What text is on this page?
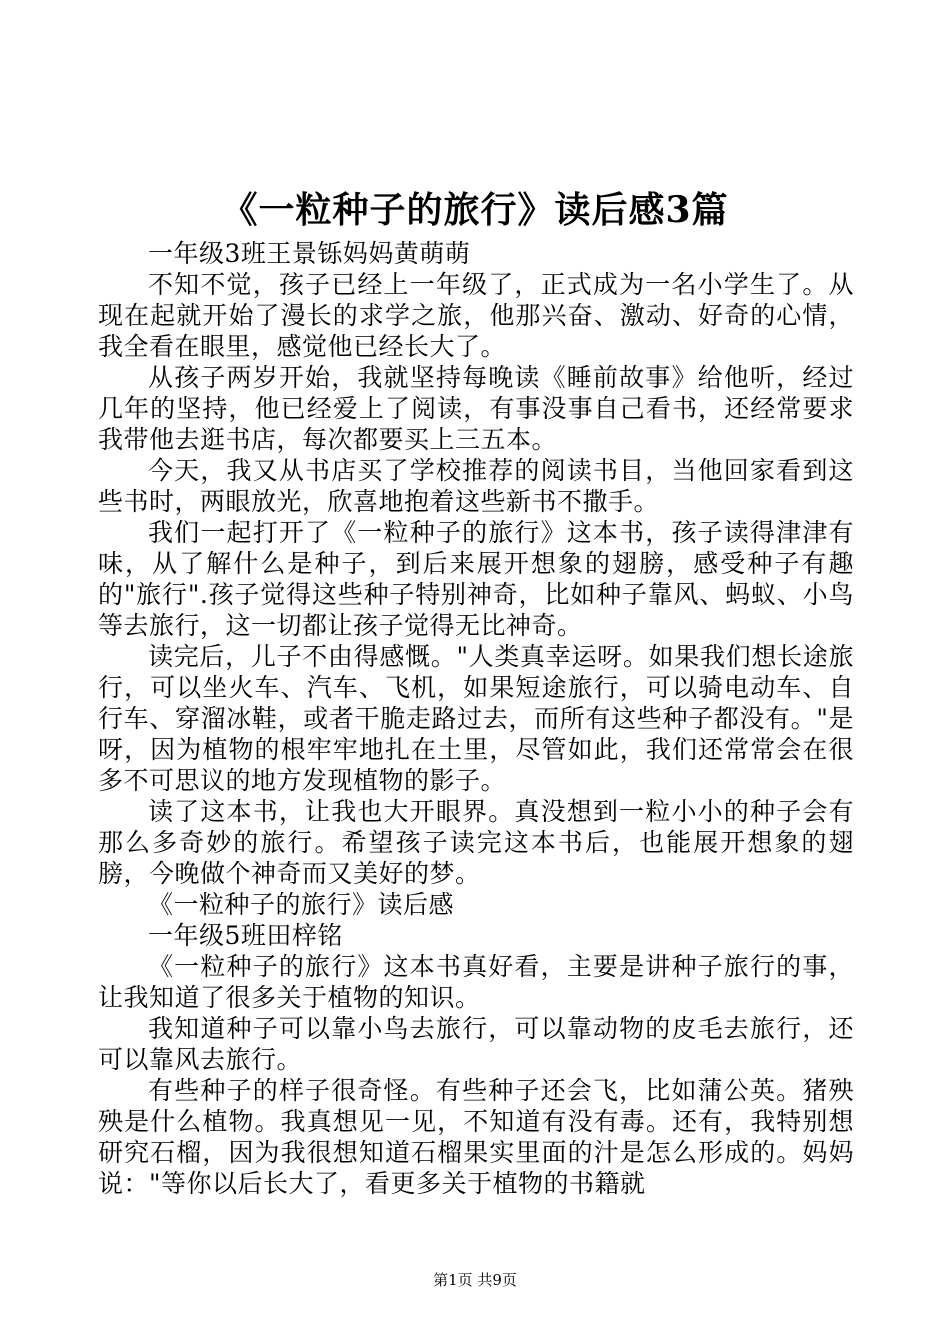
《一粒种子的旅行》读后感3篇

一年级3班王景铄妈妈黄萌萌

不知不觉，孩子已经上一年级了，正式成为一名小学生了。从现在起就开始了漫长的求学之旅，他那兴奋、激动、好奇的心情，我全看在眼里，感觉他已经长大了。

从孩子两岁开始，我就坚持每晚读《睡前故事》给他听，经过几年的坚持，他已经爱上了阅读，有事没事自己看书，还经常要求我带他去逛书店，每次都要买上三五本。

今天，我又从书店买了学校推荐的阅读书目，当他回家看到这些书时，两眼放光，欣喜地抱着这些新书不撒手。

我们一起打开了《一粒种子的旅行》这本书，孩子读得津津有味，从了解什么是种子，到后来展开想象的翅膀，感受种子有趣的"旅行".孩子觉得这些种子特别神奇，比如种子靠风、蚂蚁、小鸟等去旅行，这一切都让孩子觉得无比神奇。

读完后，儿子不由得感慨。"人类真幸运呀。如果我们想长途旅行，可以坐火车、汽车、飞机，如果短途旅行，可以骑电动车、自行车、穿溜冰鞋，或者干脆走路过去，而所有这些种子都没有。"是呀，因为植物的根牢牢地扎在土里，尽管如此，我们还常常会在很多不可思议的地方发现植物的影子。

读了这本书，让我也大开眼界。真没想到一粒小小的种子会有那么多奇妙的旅行。希望孩子读完这本书后，也能展开想象的翅膀，今晚做个神奇而又美好的梦。

《一粒种子的旅行》读后感

一年级5班田梓铭

《一粒种子的旅行》这本书真好看，主要是讲种子旅行的事，让我知道了很多关于植物的知识。

我知道种子可以靠小鸟去旅行，可以靠动物的皮毛去旅行，还可以靠风去旅行。

有些种子的样子很奇怪。有些种子还会飞，比如蒲公英。猪殃殃是什么植物。我真想见一见，不知道有没有毒。还有，我特别想研究石榴，因为我很想知道石榴果实里面的汁是怎么形成的。妈妈说："等你以后长大了，看更多关于植物的书籍就

第1页 共9页
